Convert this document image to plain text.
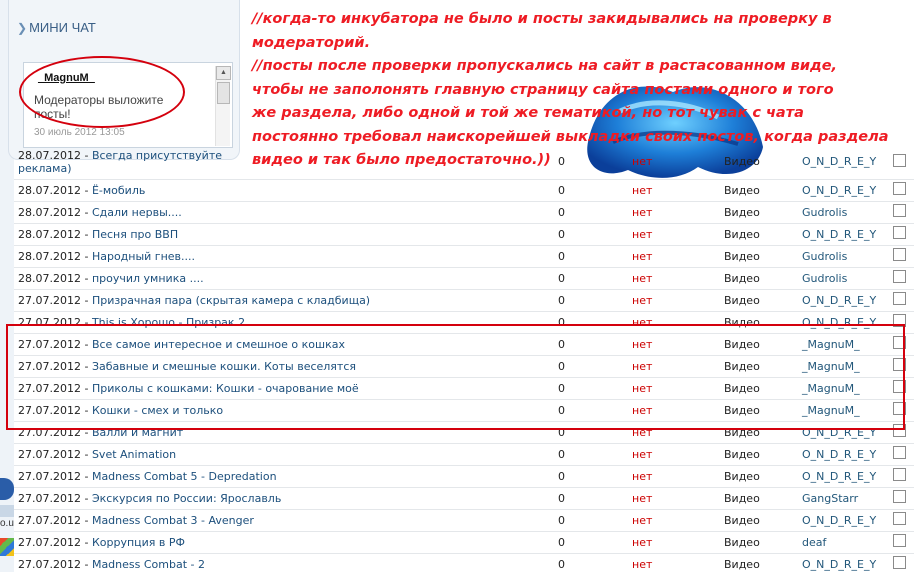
o.u
❯ МИНИ ЧАТ
_MagnuM_
Модераторы выложите посты!
30 июль 2012 13:05
▲
28.07.2012 - Всегда присутствуйте
реклама)	0	нет	Видео	O_N_D_R_E_Y	
28.07.2012 - Ё-мобиль	0	нет	Видео	O_N_D_R_E_Y	
28.07.2012 - Сдали нервы....	0	нет	Видео	Gudrolis	
28.07.2012 - Песня про ВВП	0	нет	Видео	O_N_D_R_E_Y	
28.07.2012 - Народный гнев....	0	нет	Видео	Gudrolis	
28.07.2012 - проучил умника ....	0	нет	Видео	Gudrolis	
27.07.2012 - Призрачная пара (скрытая камера с кладбища)	0	нет	Видео	O_N_D_R_E_Y	
27.07.2012 - This is Хорошо - Призрак 2	0	нет	Видео	O_N_D_R_E_Y	
27.07.2012 - Все самое интересное и смешное о кошках	0	нет	Видео	_MagnuM_	
27.07.2012 - Забавные и смешные кошки. Коты веселятся	0	нет	Видео	_MagnuM_	
27.07.2012 - Приколы с кошками: Кошки - очарование моё	0	нет	Видео	_MagnuM_	
27.07.2012 - Кошки - смех и только	0	нет	Видео	_MagnuM_	
27.07.2012 - Валли и магнит	0	нет	Видео	O_N_D_R_E_Y	
27.07.2012 - Svet Animation	0	нет	Видео	O_N_D_R_E_Y	
27.07.2012 - Madness Combat 5 - Depredation	0	нет	Видео	O_N_D_R_E_Y	
27.07.2012 - Экскурсия по России: Ярославль	0	нет	Видео	GangStarr	
27.07.2012 - Madness Combat 3 - Avenger	0	нет	Видео	O_N_D_R_E_Y	
27.07.2012 - Коррупция в РФ	0	нет	Видео	deaf	
27.07.2012 - Madness Combat - 2	0	нет	Видео	O_N_D_R_E_Y	

//когда-то инкубатора не было и посты закидывались на проверку в

модераторий.

//посты после проверки пропускались на сайт в растасованном виде,

чтобы не заполонять главную страницу сайта постами одного и того

же раздела, либо одной и той же тематикой, но тот чувак с чата

постоянно требовал наискорейшей выкладки своих постов, когда раздела

видео и так было предостаточно.))
